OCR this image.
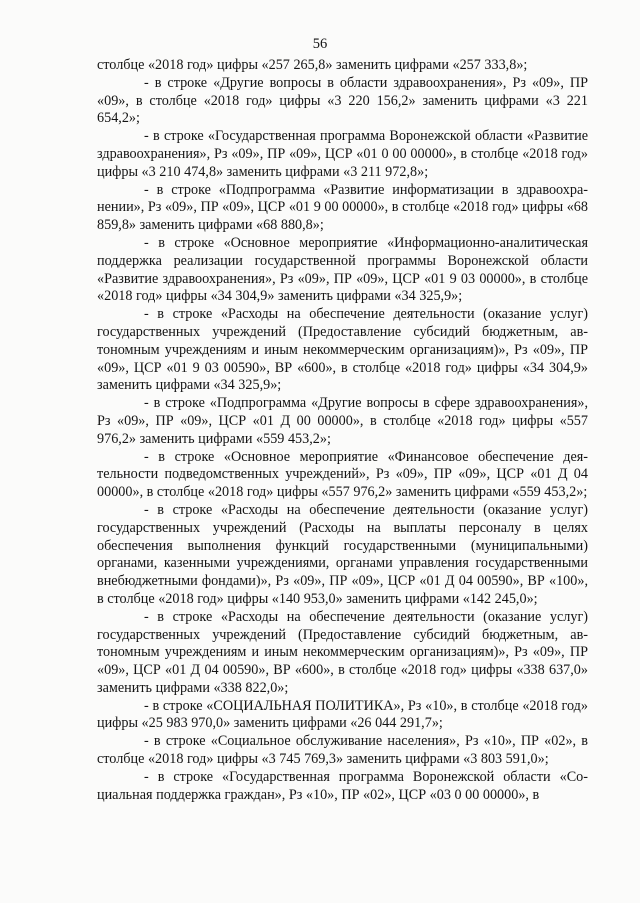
56

столбце «2018 год» цифры «257 265,8» заменить цифрами «257 333,8»;

- в строке «Другие вопросы в области здравоохранения», Рз «09», ПР «09», в столбце «2018 год» цифры «3 220 156,2» заменить цифрами «3 221 654,2»;

- в строке «Государственная программа Воронежской области «Развитие здравоохранения», Рз «09», ПР «09», ЦСР «01 0 00 00000», в столбце «2018 год» цифры «3 210 474,8» заменить цифрами «3 211 972,8»;

- в строке «Подпрограмма «Развитие информатизации в здравоохранении», Рз «09», ПР «09», ЦСР «01 9 00 00000», в столбце «2018 год» цифры «68 859,8» заменить цифрами «68 880,8»;

- в строке «Основное мероприятие «Информационно-аналитическая поддержка реализации государственной программы Воронежской области «Развитие здравоохранения», Рз «09», ПР «09», ЦСР «01 9 03 00000», в столбце «2018 год» цифры «34 304,9» заменить цифрами «34 325,9»;

- в строке «Расходы на обеспечение деятельности (оказание услуг) государственных учреждений (Предоставление субсидий бюджетным, автономным учреждениям и иным некоммерческим организациям)», Рз «09», ПР «09», ЦСР «01 9 03 00590», ВР «600», в столбце «2018 год» цифры «34 304,9» заменить цифрами «34 325,9»;

- в строке «Подпрограмма «Другие вопросы в сфере здравоохранения», Рз «09», ПР «09», ЦСР «01 Д 00 00000», в столбце «2018 год» цифры «557 976,2» заменить цифрами «559 453,2»;

- в строке «Основное мероприятие «Финансовое обеспечение деятельности подведомственных учреждений», Рз «09», ПР «09», ЦСР «01 Д 04 00000», в столбце «2018 год» цифры «557 976,2» заменить цифрами «559 453,2»;

- в строке «Расходы на обеспечение деятельности (оказание услуг) государственных учреждений (Расходы на выплаты персоналу в целях обеспечения выполнения функций государственными (муниципальными) органами, казенными учреждениями, органами управления государственными внебюджетными фондами)», Рз «09», ПР «09», ЦСР «01 Д 04 00590», ВР «100», в столбце «2018 год» цифры «140 953,0» заменить цифрами «142 245,0»;

- в строке «Расходы на обеспечение деятельности (оказание услуг) государственных учреждений (Предоставление субсидий бюджетным, автономным учреждениям и иным некоммерческим организациям)», Рз «09», ПР «09», ЦСР «01 Д 04 00590», ВР «600», в столбце «2018 год» цифры «338 637,0» заменить цифрами «338 822,0»;

- в строке «СОЦИАЛЬНАЯ ПОЛИТИКА», Рз «10», в столбце «2018 год» цифры «25 983 970,0» заменить цифрами «26 044 291,7»;

- в строке «Социальное обслуживание населения», Рз «10», ПР «02», в столбце «2018 год» цифры «3 745 769,3» заменить цифрами «3 803 591,0»;

- в строке «Государственная программа Воронежской области «Социальная поддержка граждан», Рз «10», ПР «02», ЦСР «03 0 00 00000», в
